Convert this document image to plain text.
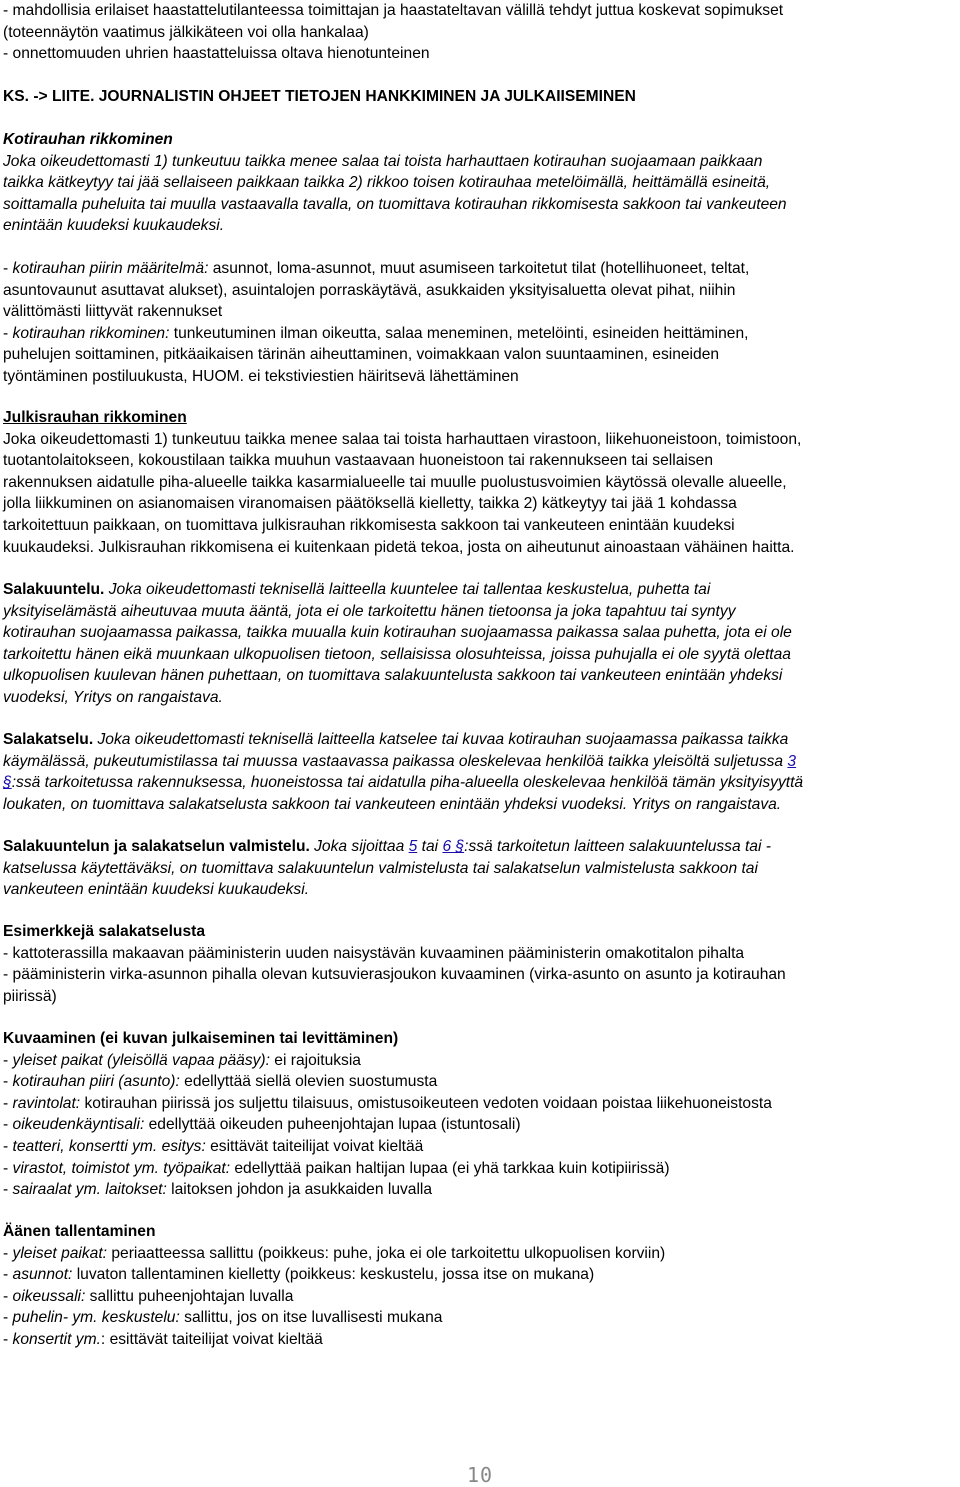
- mahdollisia erilaiset haastattelutilanteessa toimittajan ja haastateltavan välillä tehdyt juttua koskevat sopimukset
(toteennäytön vaatimus jälkikäteen voi olla hankalaa)
- onnettomuuden uhrien haastatteluissa oltava hienotunteinen
KS. -> LIITE. JOURNALISTIN OHJEET TIETOJEN HANKKIMINEN JA JULKAIISEMINEN
Kotirauhan rikkominen
Joka oikeudettomasti 1) tunkeutuu taikka menee salaa tai toista harhauttaen kotirauhan suojaamaan paikkaan
taikka kätkeytyy tai jää sellaiseen paikkaan taikka 2) rikkoo toisen kotirauhaa metelöimällä, heittämällä esineitä,
soittamalla puheluita tai muulla vastaavalla tavalla, on tuomittava kotirauhan rikkomisesta sakkoon tai vankeuteen
enintään kuudeksi kuukaudeksi.
- kotirauhan piirin määritelmä: asunnot, loma-asunnot, muut asumiseen tarkoitetut tilat (hotellihuoneet, teltat,
asuntovaunut asuttavat alukset), asuintalojen porraskäytävä, asukkaiden yksityisaluetta olevat pihat, niihin
välittömästi liittyvät rakennukset
- kotirauhan rikkominen: tunkeutuminen ilman oikeutta, salaa meneminen, metelöinti, esineiden heittäminen,
puhelujen soittaminen, pitkäaikaisen tärinän aiheuttaminen, voimakkaan valon suuntaaminen, esineiden
työntäminen postiluukusta, HUOM. ei tekstiviestien häiritsevä lähettäminen
Julkisrauhan rikkominen
Joka oikeudettomasti 1) tunkeutuu taikka menee salaa tai toista harhauttaen virastoon, liikehuoneistoon, toimistoon,
tuotantolaitokseen, kokoustilaan taikka muuhun vastaavaan huoneistoon tai rakennukseen tai sellaisen
rakennuksen aidatulle piha-alueelle taikka kasarmialueelle tai muulle puolustusvoimien käytössä olevalle alueelle,
jolla liikkuminen on asianomaisen viranomaisen päätöksellä kielletty, taikka 2) kätkeytyy tai jää 1 kohdassa
tarkoitettuun paikkaan, on tuomittava julkisrauhan rikkomisesta sakkoon tai vankeuteen enintään kuudeksi
kuukaudeksi. Julkisrauhan rikkomisena ei kuitenkaan pidetä tekoa, josta on aiheutunut ainoastaan vähäinen haitta.
Salakuuntelu. Joka oikeudettomasti teknisellä laitteella kuuntelee tai tallentaa keskustelua, puhetta tai
yksityiselämästä aiheutuvaa muuta ääntä, jota ei ole tarkoitettu hänen tietoonsa ja joka tapahtuu tai syntyy
kotirauhan suojaamassa paikassa, taikka muualla kuin kotirauhan suojaamassa paikassa salaa puhetta, jota ei ole
tarkoitettu hänen eikä muunkaan ulkopuolisen tietoon, sellaisissa olosuhteissa, joissa puhujalla ei ole syytä olettaa
ulkopuolisen kuulevan hänen puhettaan, on tuomittava salakuuntelusta sakkoon tai vankeuteen enintään yhdeksi
vuodeksi, Yritys on rangaistava.
Salakatselu. Joka oikeudettomasti teknisellä laitteella katselee tai kuvaa kotirauhan suojaamassa paikassa taikka
käymälässä, pukeutumistilassa tai muussa vastaavassa paikassa oleskelevaa henkilöä taikka yleisöltä suljetussa 3
§:ssä tarkoitetussa rakennuksessa, huoneistossa tai aidatulla piha-alueella oleskelevaa henkilöä tämän yksityisyyttä
loukaten, on tuomittava salakatselusta sakkoon tai vankeuteen enintään yhdeksi vuodeksi. Yritys on rangaistava.
Salakuuntelun ja salakatselun valmistelu. Joka sijoittaa 5 tai 6 §:ssä tarkoitetun laitteen salakuuntelussa tai -
katselussa käytettäväksi, on tuomittava salakuuntelun valmistelusta tai salakatselun valmistelusta sakkoon tai
vankeuteen enintään kuudeksi kuukaudeksi.
Esimerkkejä salakatselusta
- kattoterassilla makaavan pääministerin uuden naisystävän kuvaaminen pääministerin omakotitalon pihalta
- pääministerin virka-asunnon pihalla olevan kutsuvierasjoukon kuvaaminen (virka-asunto on asunto ja kotirauhan
piirissä)
Kuvaaminen (ei kuvan julkaiseminen tai levittäminen)
- yleiset paikat (yleisöllä vapaa pääsy): ei rajoituksia
- kotirauhan piiri (asunto): edellyttää siellä olevien suostumusta
- ravintolat: kotirauhan piirissä jos suljettu tilaisuus, omistusoikeuteen vedoten voidaan poistaa liikehuoneistosta
- oikeudenkäyntisali: edellyttää oikeuden puheenjohtajan lupaa (istuntosali)
- teatteri, konsertti ym. esitys: esittävät taiteilijat voivat kieltää
- virastot, toimistot ym. työpaikat: edellyttää paikan haltijan lupaa (ei yhä tarkkaa kuin kotipiirissä)
- sairaalat ym. laitokset: laitoksen johdon ja asukkaiden luvalla
Äänen tallentaminen
- yleiset paikat: periaatteessa sallittu (poikkeus: puhe, joka ei ole tarkoitettu ulkopuolisen korviin)
- asunnot: luvaton tallentaminen kielletty (poikkeus: keskustelu, jossa itse on mukana)
- oikeussali: sallittu puheenjohtajan luvalla
- puhelin- ym. keskustelu: sallittu, jos on itse luvallisesti mukana
- konsertit ym.: esittävät taiteilijat voivat kieltää
10
